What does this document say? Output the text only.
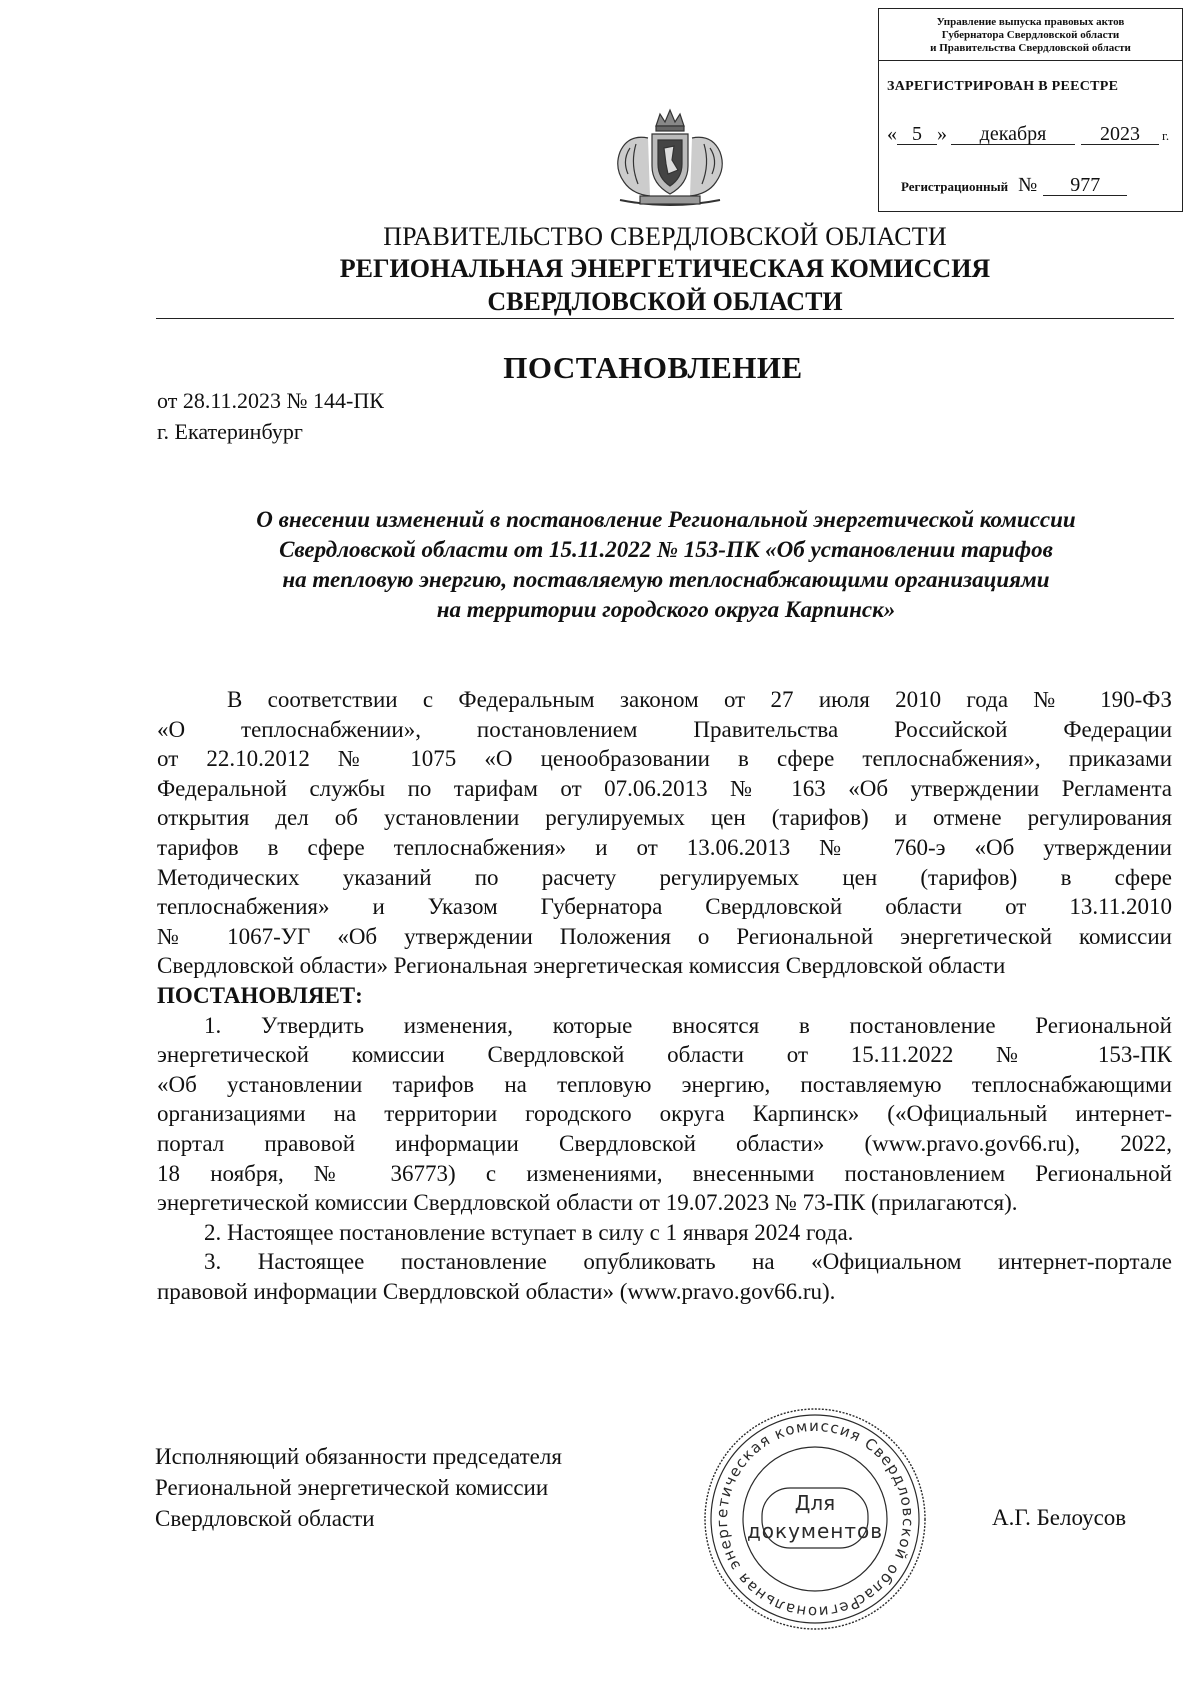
Управление выпуска правовых актов
Губернатора Свердловской области
и Правительства Свердловской области
ЗАРЕГИСТРИРОВАН В РЕЕСТРЕ
« 5 » декабря	2023 г.
Регистрационный № 977
ПРАВИТЕЛЬСТВО СВЕРДЛОВСКОЙ ОБЛАСТИ
РЕГИОНАЛЬНАЯ ЭНЕРГЕТИЧЕСКАЯ КОМИССИЯ
СВЕРДЛОВСКОЙ ОБЛАСТИ
ПОСТАНОВЛЕНИЕ
от 28.11.2023 № 144-ПК
г. Екатеринбург
О внесении изменений в постановление Региональной энергетической комиссии
Свердловской области от 15.11.2022 № 153-ПК «Об установлении тарифов
на тепловую энергию, поставляемую теплоснабжающими организациями
на территории городского округа Карпинск»
В соответствии с Федеральным законом от 27 июля 2010 года № 190-ФЗ
«О теплоснабжении», постановлением Правительства Российской Федерации
от 22.10.2012 № 1075 «О ценообразовании в сфере теплоснабжения», приказами
Федеральной службы по тарифам от 07.06.2013 № 163 «Об утверждении Регламента
открытия дел об установлении регулируемых цен (тарифов) и отмене регулирования
тарифов в сфере теплоснабжения» и от 13.06.2013 № 760-э «Об утверждении
Методических указаний по расчету регулируемых цен (тарифов) в сфере
теплоснабжения» и Указом Губернатора Свердловской области от 13.11.2010
№ 1067-УГ «Об утверждении Положения о Региональной энергетической комиссии
Свердловской области» Региональная энергетическая комиссия Свердловской области
ПОСТАНОВЛЯЕТ:
1. Утвердить изменения, которые вносятся в постановление Региональной
энергетической комиссии Свердловской области от 15.11.2022 № 153-ПК
«Об установлении тарифов на тепловую энергию, поставляемую теплоснабжающими
организациями на территории городского округа Карпинск» («Официальный интернет-
портал правовой информации Свердловской области» (www.pravo.gov66.ru), 2022,
18 ноября, № 36773) с изменениями, внесенными постановлением Региональной
энергетической комиссии Свердловской области от 19.07.2023 № 73-ПК (прилагаются).
2. Настоящее постановление вступает в силу с 1 января 2024 года.
3. Настоящее постановление опубликовать на «Официальном интернет-портале
правовой информации Свердловской области» (www.pravo.gov66.ru).
Исполняющий обязанности председателя
Региональной энергетической комиссии
Свердловской области	А.Г. Белоусов
Региональная энергетическая комиссия Свердловской области
Для
документов
